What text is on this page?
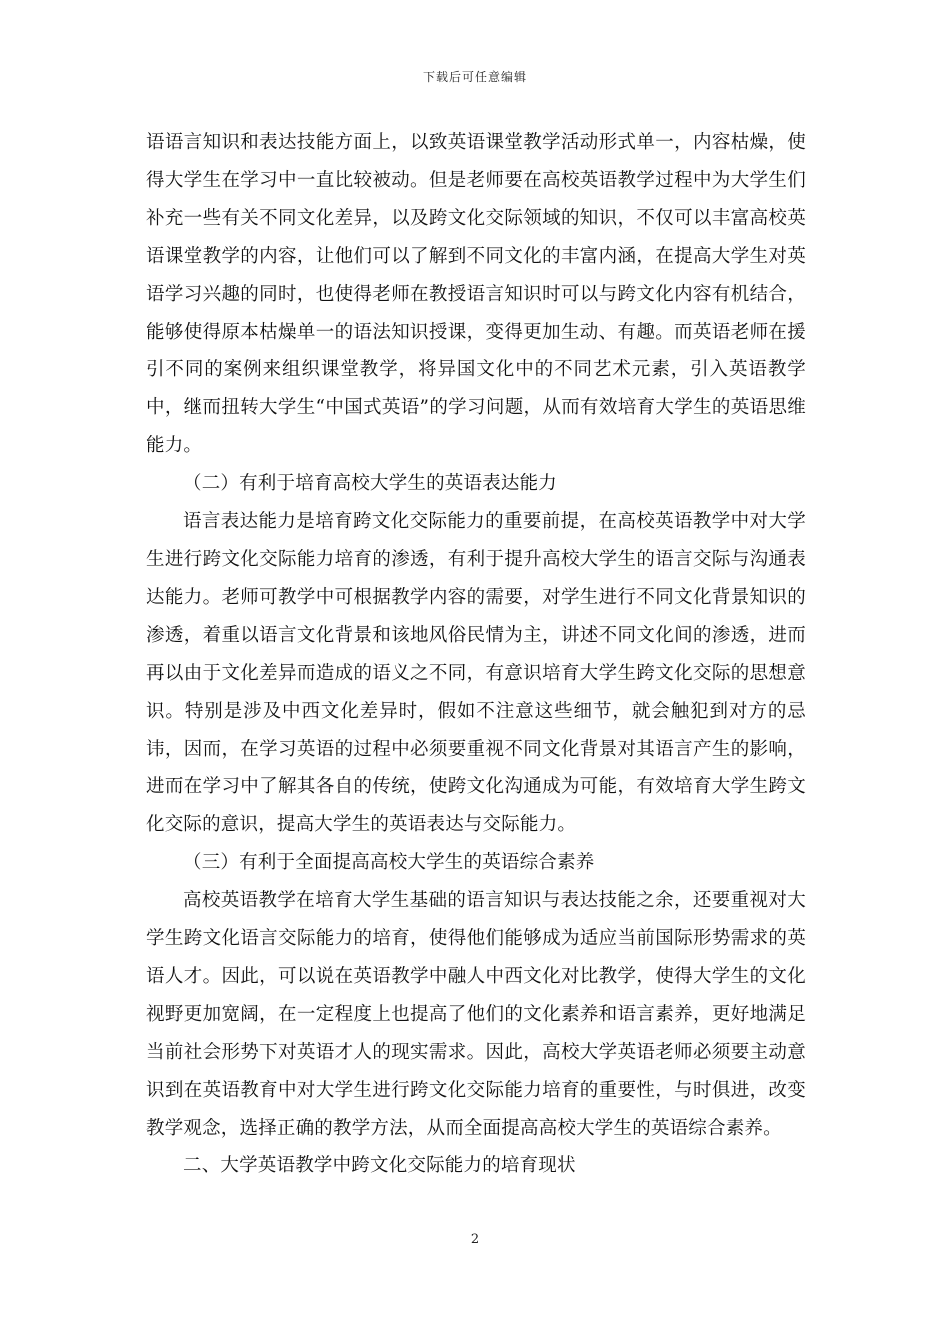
下载后可任意编辑

语语言知识和表达技能方面上，以致英语课堂教学活动形式单一，内容枯燥，使得大学生在学习中一直比较被动。但是老师要在高校英语教学过程中为大学生们补充一些有关不同文化差异，以及跨文化交际领域的知识，不仅可以丰富高校英语课堂教学的内容，让他们可以了解到不同文化的丰富内涵，在提高大学生对英语学习兴趣的同时，也使得老师在教授语言知识时可以与跨文化内容有机结合，能够使得原本枯燥单一的语法知识授课，变得更加生动、有趣。而英语老师在援引不同的案例来组织课堂教学，将异国文化中的不同艺术元素，引入英语教学中，继而扭转大学生“中国式英语”的学习问题，从而有效培育大学生的英语思维能力。

（二）有利于培育高校大学生的英语表达能力

语言表达能力是培育跨文化交际能力的重要前提，在高校英语教学中对大学生进行跨文化交际能力培育的渗透，有利于提升高校大学生的语言交际与沟通表达能力。老师可教学中可根据教学内容的需要，对学生进行不同文化背景知识的渗透，着重以语言文化背景和该地风俗民情为主，讲述不同文化间的渗透，进而再以由于文化差异而造成的语义之不同，有意识培育大学生跨文化交际的思想意识。特别是涉及中西文化差异时，假如不注意这些细节，就会触犯到对方的忌讳，因而，在学习英语的过程中必须要重视不同文化背景对其语言产生的影响，进而在学习中了解其各自的传统，使跨文化沟通成为可能，有效培育大学生跨文化交际的意识，提高大学生的英语表达与交际能力。

（三）有利于全面提高高校大学生的英语综合素养

高校英语教学在培育大学生基础的语言知识与表达技能之余，还要重视对大学生跨文化语言交际能力的培育，使得他们能够成为适应当前国际形势需求的英语人才。因此，可以说在英语教学中融人中西文化对比教学，使得大学生的文化视野更加宽阔，在一定程度上也提高了他们的文化素养和语言素养，更好地满足当前社会形势下对英语才人的现实需求。因此，高校大学英语老师必须要主动意识到在英语教育中对大学生进行跨文化交际能力培育的重要性，与时俱进，改变教学观念，选择正确的教学方法，从而全面提高高校大学生的英语综合素养。

二、大学英语教学中跨文化交际能力的培育现状

2
